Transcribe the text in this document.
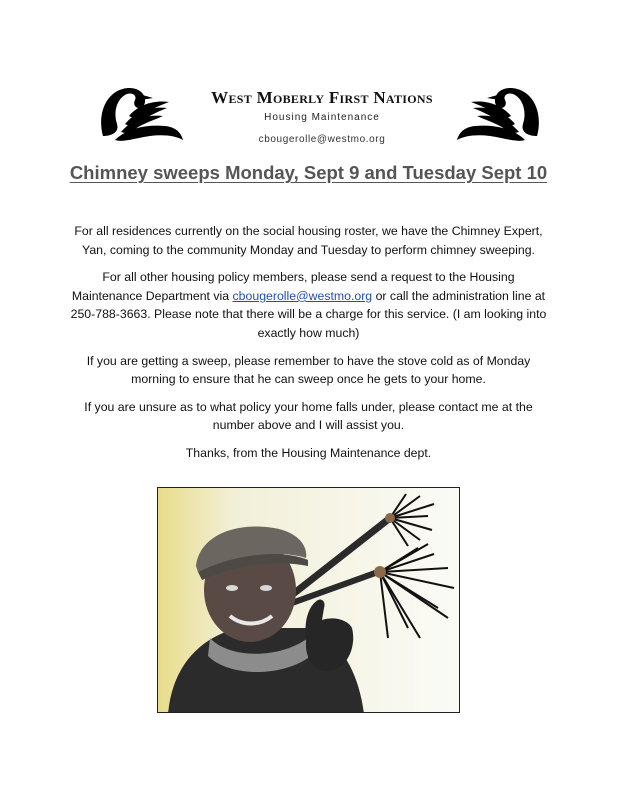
West Moberly First Nations
Housing Maintenance
cbougerolle@westmo.org
Chimney sweeps Monday, Sept 9 and Tuesday Sept 10

For all residences currently on the social housing roster, we have the Chimney Expert, Yan, coming to the community Monday and Tuesday to perform chimney sweeping.

For all other housing policy members, please send a request to the Housing Maintenance Department via cbougerolle@westmo.org or call the administration line at 250-788-3663. Please note that there will be a charge for this service. (I am looking into exactly how much)

If you are getting a sweep, please remember to have the stove cold as of Monday morning to ensure that he can sweep once he gets to your home.

If you are unsure as to what policy your home falls under, please contact me at the number above and I will assist you.

Thanks, from the Housing Maintenance dept.
